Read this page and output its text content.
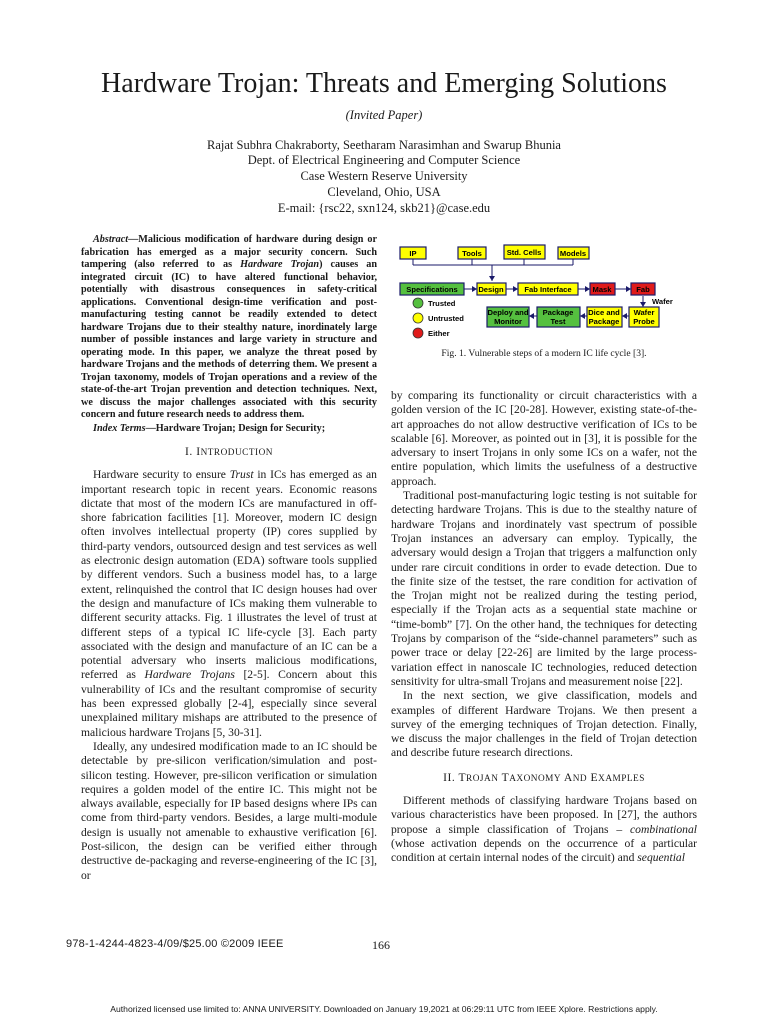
Hardware Trojan: Threats and Emerging Solutions
(Invited Paper)
Rajat Subhra Chakraborty, Seetharam Narasimhan and Swarup Bhunia
Dept. of Electrical Engineering and Computer Science
Case Western Reserve University
Cleveland, Ohio, USA
E-mail: {rsc22, sxn124, skb21}@case.edu

Abstract—Malicious modification of hardware during design or fabrication has emerged as a major security concern. Such tampering (also referred to as Hardware Trojan) causes an integrated circuit (IC) to have altered functional behavior, potentially with disastrous consequences in safety-critical applications. Conventional design-time verification and post-manufacturing testing cannot be readily extended to detect hardware Trojans due to their stealthy nature, inordinately large number of possible instances and large variety in structure and operating mode. In this paper, we analyze the threat posed by hardware Trojans and the methods of deterring them. We present a Trojan taxonomy, models of Trojan operations and a review of the state-of-the-art Trojan prevention and detection techniques. Next, we discuss the major challenges associated with this security concern and future research needs to address them.

Index Terms—Hardware Trojan; Design for Security;

I. INTRODUCTION

Hardware security to ensure Trust in ICs has emerged as an important research topic in recent years. Economic reasons dictate that most of the modern ICs are manufactured in off-shore fabrication facilities [1]. Moreover, modern IC design often involves intellectual property (IP) cores supplied by third-party vendors, outsourced design and test services as well as electronic design automation (EDA) software tools supplied by different vendors. Such a business model has, to a large extent, relinquished the control that IC design houses had over the design and manufacture of ICs making them vulnerable to different security attacks. Fig. 1 illustrates the level of trust at different steps of a typical IC life-cycle [3]. Each party associated with the design and manufacture of an IC can be a potential adversary who inserts malicious modifications, referred as Hardware Trojans [2-5]. Concern about this vulnerability of ICs and the resultant compromise of security has been expressed globally [2-4], especially since several unexplained military mishaps are attributed to the presence of malicious hardware Trojans [5, 30-31].

Ideally, any undesired modification made to an IC should be detectable by pre-silicon verification/simulation and post-silicon testing. However, pre-silicon verification or simulation requires a golden model of the entire IC. This might not be always available, especially for IP based designs where IPs can come from third-party vendors. Besides, a large multi-module design is usually not amenable to exhaustive verification [6]. Post-silicon, the design can be verified either through destructive de-packaging and reverse-engineering of the IC [3], or

IP	Tools	Std. Cells Models
Specifications	Design	Fab Interface	Mask	Fab
Wafer
Deploy and
Monitor
Package
Test
Dice and
Package
Wafer
Probe
Trusted
Untrusted
Either
Fig. 1. Vulnerable steps of a modern IC life cycle [3].

by comparing its functionality or circuit characteristics with a golden version of the IC [20-28]. However, existing state-of-the-art approaches do not allow destructive verification of ICs to be scalable [6]. Moreover, as pointed out in [3], it is possible for the adversary to insert Trojans in only some ICs on a wafer, not the entire population, which limits the usefulness of a destructive approach.

Traditional post-manufacturing logic testing is not suitable for detecting hardware Trojans. This is due to the stealthy nature of hardware Trojans and inordinately vast spectrum of possible Trojan instances an adversary can employ. Typically, the adversary would design a Trojan that triggers a malfunction only under rare circuit conditions in order to evade detection. Due to the finite size of the testset, the rare condition for activation of the Trojan might not be realized during the testing period, especially if the Trojan acts as a sequential state machine or “time-bomb” [7]. On the other hand, the techniques for detecting Trojans by comparison of the “side-channel parameters” such as power trace or delay [22-26] are limited by the large process-variation effect in nanoscale IC technologies, reduced detection sensitivity for ultra-small Trojans and measurement noise [22].

In the next section, we give classification, models and examples of different Hardware Trojans. We then present a survey of the emerging techniques of Trojan detection. Finally, we discuss the major challenges in the field of Trojan detection and describe future research directions.

II. TROJAN TAXONOMY AND EXAMPLES

Different methods of classifying hardware Trojans based on various characteristics have been proposed. In [27], the authors propose a simple classification of Trojans – combinational (whose activation depends on the occurrence of a particular condition at certain internal nodes of the circuit) and sequential

978-1-4244-4823-4/09/$25.00 ©2009 IEEE	166
Authorized licensed use limited to: ANNA UNIVERSITY. Downloaded on January 19,2021 at 06:29:11 UTC from IEEE Xplore. Restrictions apply.
